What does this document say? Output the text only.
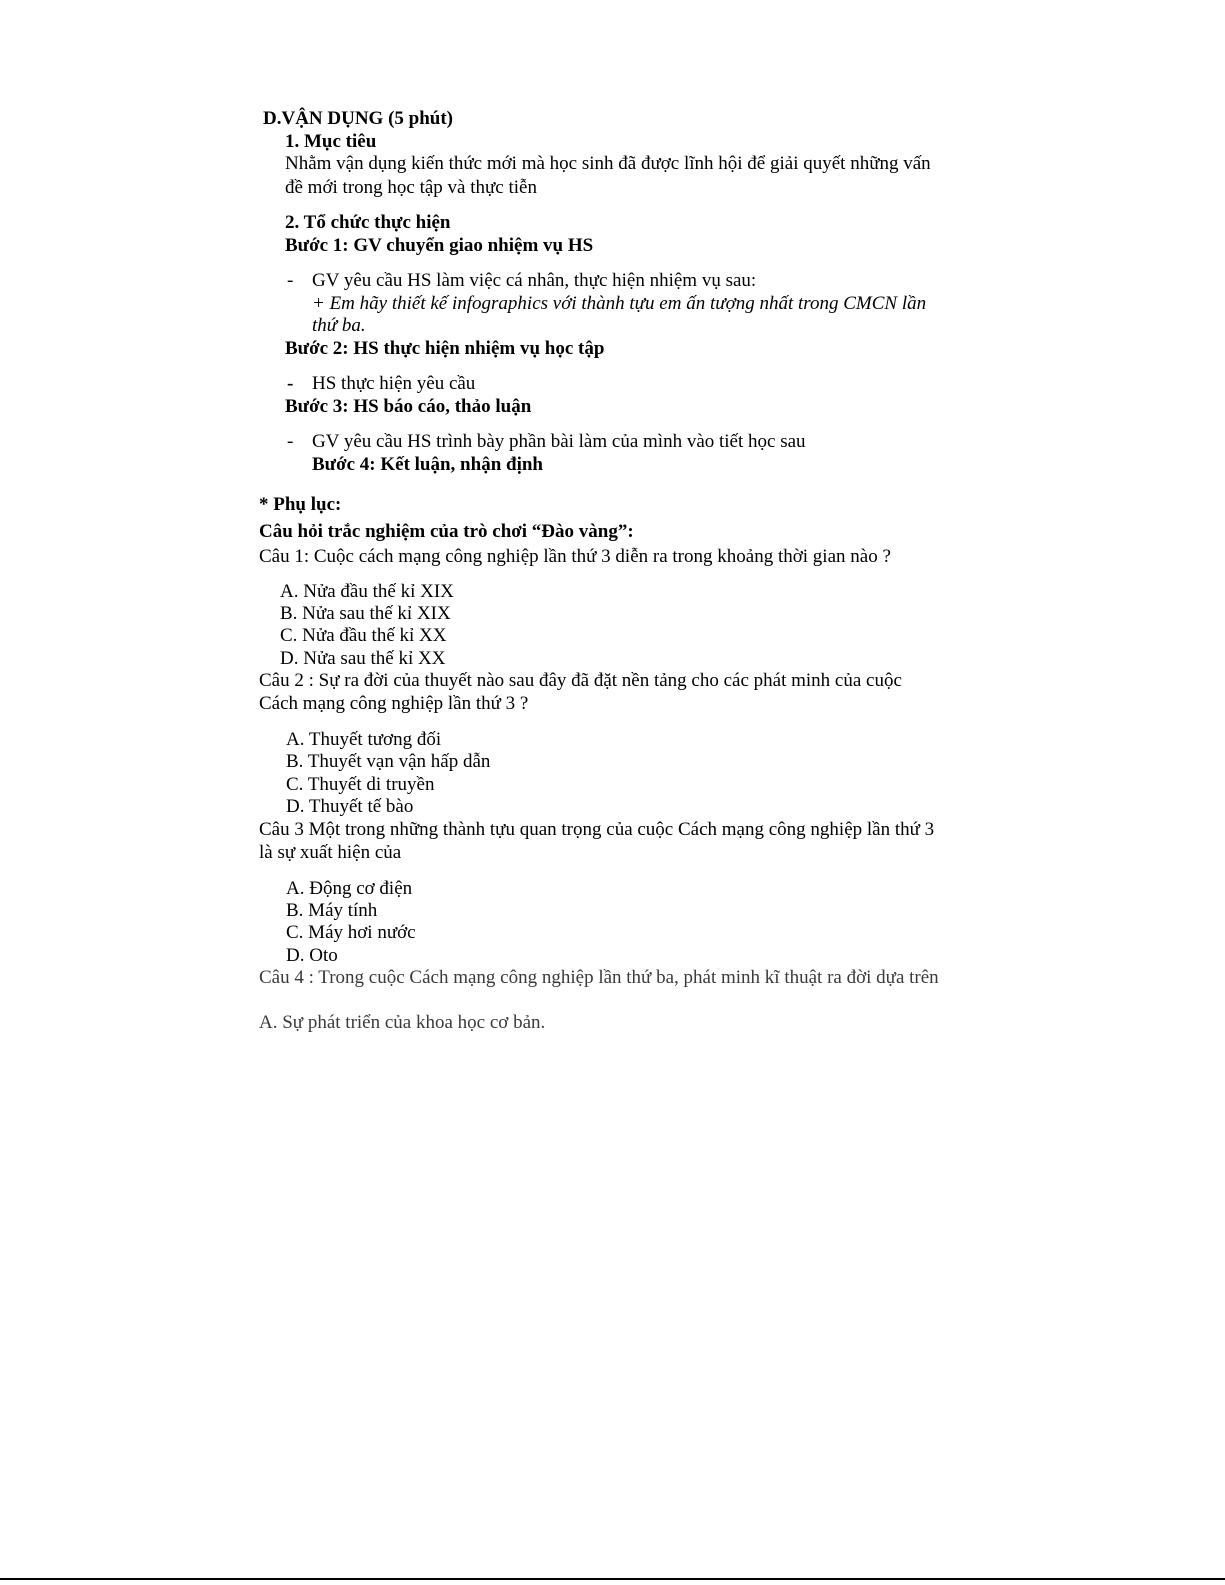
D.VẬN DỤNG (5 phút)
1. Mục tiêu
Nhằm vận dụng kiến thức mới mà học sinh đã được lĩnh hội để giải quyết những vấn
đề mới trong học tập và thực tiễn
2. Tổ chức thực hiện
Bước 1: GV chuyển giao nhiệm vụ HS
- GV yêu cầu HS làm việc cá nhân, thực hiện nhiệm vụ sau:
+ Em hãy thiết kế infographics với thành tựu em ấn tượng nhất trong CMCN lần
thứ ba.
Bước 2: HS thực hiện nhiệm vụ học tập
- HS thực hiện yêu cầu
Bước 3: HS báo cáo, thảo luận
- GV yêu cầu HS trình bày phần bài làm của mình vào tiết học sau
Bước 4: Kết luận, nhận định
* Phụ lục:
Câu hỏi trắc nghiệm của trò chơi “Đào vàng”:
Câu 1: Cuộc cách mạng công nghiệp lần thứ 3 diễn ra trong khoảng thời gian nào ?
A. Nửa đầu thế kỉ XIX
B. Nửa sau thế kỉ XIX
C. Nửa đầu thế kỉ XX
D. Nửa sau thế kỉ XX
Câu 2 : Sự ra đời của thuyết nào sau đây đã đặt nền tảng cho các phát minh của cuộc
Cách mạng công nghiệp lần thứ 3 ?
A. Thuyết tương đối
B. Thuyết vạn vận hấp dẫn
C. Thuyết di truyền
D. Thuyết tế bào
Câu 3 Một trong những thành tựu quan trọng của cuộc Cách mạng công nghiệp lần thứ 3
là sự xuất hiện của
A. Động cơ điện
B. Máy tính
C. Máy hơi nước
D. Oto
Câu 4 : Trong cuộc Cách mạng công nghiệp lần thứ ba, phát minh kĩ thuật ra đời dựa trên
A. Sự phát triển của khoa học cơ bản.
